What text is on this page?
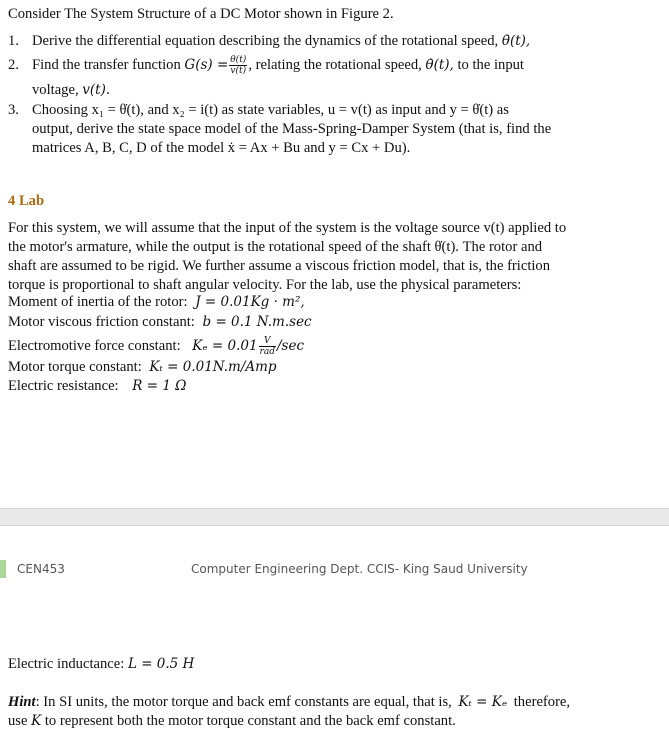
Consider The System Structure of a DC Motor shown in Figure 2.
1. Derive the differential equation describing the dynamics of the rotational speed, θ̇(t),
2. Find the transfer function $G(s) = \frac{\theta(t)}{v(t)}$ , relating the rotational speed, θ̇(t), to the input
voltage, v(t).
3. Choosing x₁ = θ̇(t), and x₂ = i(t) as state variables, u = v(t) as input and y = θ̇(t) as
output, derive the state space model of the Mass-Spring-Damper System (that is, find the
matrices A, B, C, D of the model ẋ = Ax + Bu and y = Cx + Du).
4 Lab
For this system, we will assume that the input of the system is the voltage source v(t) applied to
the motor's armature, while the output is the rotational speed of the shaft θ̇(t). The rotor and
shaft are assumed to be rigid. We further assume a viscous friction model, that is, the friction
torque is proportional to shaft angular velocity. For the lab, use the physical parameters:
Moment of inertia of the rotor: J = 0.01Kg · m²,
Motor viscous friction constant: b = 0.1 N.m.sec
Electromotive force constant: $K_e = 0.01 \frac{V}{\text{rad}} /\sec$
Motor torque constant: Kₜ = 0.01N.m/Amp
Electric resistance: R = 1 Ω
CEN453	Computer Engineering Dept. CCIS- King Saud University
Electric inductance: L = 0.5 H
Hint: In SI units, the motor torque and back emf constants are equal, that is, Kₜ = Kₑ therefore,
use K to represent both the motor torque constant and the back emf constant.
